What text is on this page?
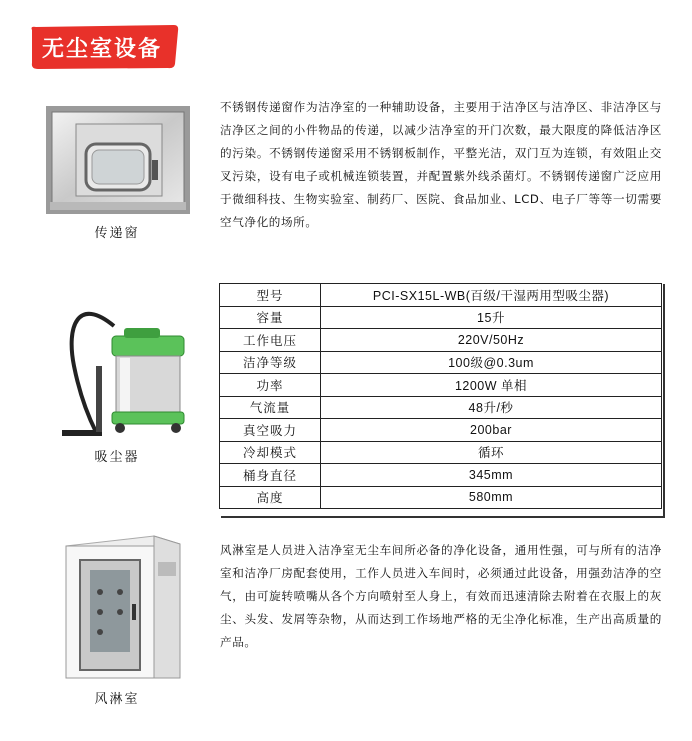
无尘室设备
传递窗
不锈钢传递窗作为洁净室的一种辅助设备，主要用于洁净区与洁净区、非洁净区与洁净区之间的小件物品的传递，以减少洁净室的开门次数，最大限度的降低洁净区的污染。不锈钢传递窗采用不锈钢板制作，平整光洁，双门互为连锁，有效阻止交叉污染，设有电子或机械连锁装置，并配置紫外线杀菌灯。不锈钢传递窗广泛应用于微细科技、生物实验室、制药厂、医院、食品加业、LCD、电子厂等等一切需要空气净化的场所。
吸尘器
型号	PCI-SX15L-WB(百级/干湿两用型吸尘器)
容量	15升
工作电压	220V/50Hz
洁净等级	100级@0.3um
功率	1200W 单相
气流量	48升/秒
真空吸力	200bar
冷却模式	循环
桶身直径	345mm
高度	580mm
风淋室
风淋室是人员进入洁净室无尘车间所必备的净化设备，通用性强，可与所有的洁净室和洁净厂房配套使用，工作人员进入车间时，必须通过此设备，用强劲洁净的空气，由可旋转喷嘴从各个方向喷射至人身上，有效而迅速清除去附着在衣服上的灰尘、头发、发屑等杂物，从而达到工作场地严格的无尘净化标准，生产出高质量的产品。
